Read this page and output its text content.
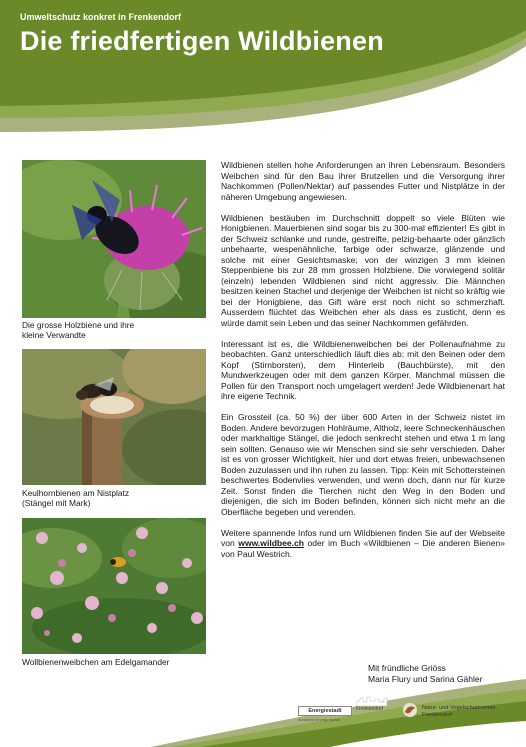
Umweltschutz konkret in Frenkendorf
Die friedfertigen Wildbienen
Die grosse Holzbiene und ihre
kleine Verwandte
Keulhornbienen am Nistplatz
(Stängel mit Mark)
Wollbienenweibchen am Edelgamander

Wildbienen stellen hohe Anforderungen an ihren Lebensraum. Besonders Weibchen sind für den Bau ihrer Brutzellen und die Versorgung ihrer Nachkommen (Pollen/Nektar) auf passendes Futter und Nistplätze in der näheren Umgebung angewiesen.

Wildbienen bestäuben im Durchschnitt doppelt so viele Blüten wie Honigbienen. Mauerbienen sind sogar bis zu 300-mal effizienter! Es gibt in der Schweiz schlanke und runde, gestreifte, pelzig-behaarte oder gänzlich unbehaarte, wespenähnliche, farbige oder schwarze, glänzende und solche mit einer Gesichtsmaske; von der winzigen 3 mm kleinen Steppenbiene bis zur 28 mm grossen Holzbiene. Die vorwiegend solitär (einzeln) lebenden Wildbienen sind nicht aggressiv. Die Männchen besitzen keinen Stachel und derjenige der Weibchen ist nicht so kräftig wie bei der Honigbiene, das Gift wäre erst noch nicht so schmerzhaft. Ausserdem flüchtet das Weibchen eher als dass es zusticht, denn es würde damit sein Leben und das seiner Nachkommen gefährden.

Interessant ist es, die Wildbienenweibchen bei der Pollenaufnahme zu beobachten. Ganz unterschiedlich läuft dies ab: mit den Beinen oder dem Kopf (Stirnborsten), dem Hinterleib (Bauchbürste), mit den Mundwerkzeugen oder mit dem ganzen Körper. Manchmal müssen die Pollen für den Transport noch umgelagert werden! Jede Wildbienenart hat ihre eigene Technik.

Ein Grossteil (ca. 50 %) der über 600 Arten in der Schweiz nistet im Boden. Andere bevorzugen Hohlräume, Altholz, leere Schneckenhäuschen oder markhaltige Stängel, die jedoch senkrecht stehen und etwa 1 m lang sein sollten. Genauso wie wir Menschen sind sie sehr verschieden. Daher ist es von grosser Wichtigkeit, hier und dort etwas freien, unbewachsenen Boden zuzulassen und ihn ruhen zu lassen. Tipp: Kein mit Schottersteinen beschwertes Bodenvlies verwenden, und wenn doch, dann nur für kurze Zeit. Sonst finden die Tierchen nicht den Weg in den Boden und diejenigen, die sich im Boden befinden, können sich nicht mehr an die Oberfläche begeben und verenden.

Weitere spannende Infos rund um Wildbienen finden Sie auf der Webseite von www.wildbee.ch oder im Buch «Wildbienen – Die anderen Bienen» von Paul Westrich.

Mit fründliche Griöss
Maria Flury und Sarina Gähler
UEK
Frenkendorf
Energiestadt
european energy award
Frenkendorf	Natur- und Vogelschutzverein
Frenkendorf
